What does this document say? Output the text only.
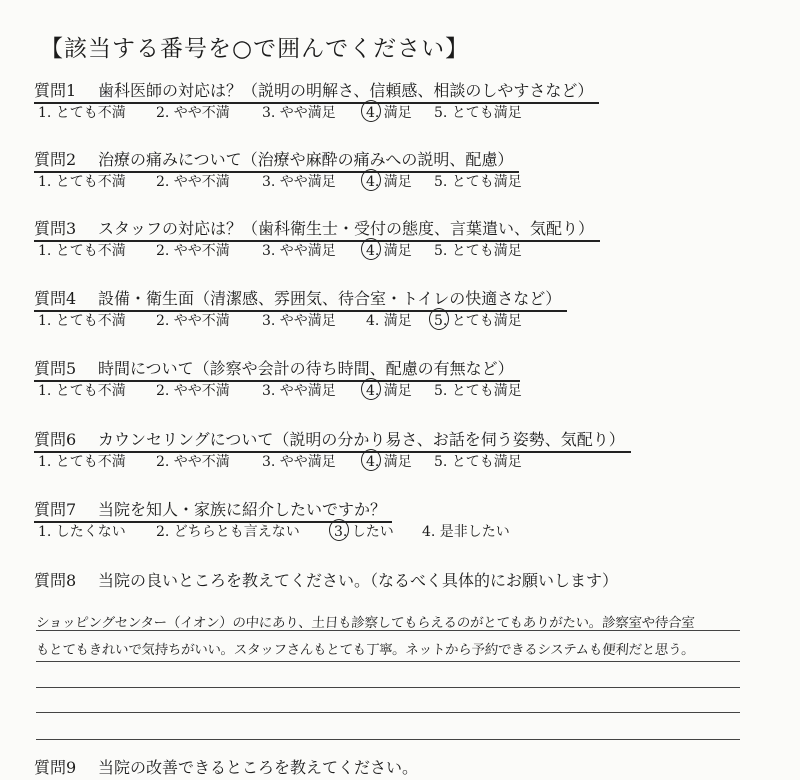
【該当する番号を○で囲んでください】
質問1 歯科医師の対応は？（説明の明解さ、信頼感、相談のしやすさなど）
1. とても不満 2. やや不満 3. やや満足 4. 満足 5. とても満足
質問2 治療の痛みについて（治療や麻酔の痛みへの説明、配慮）
1. とても不満 2. やや不満 3. やや満足 4. 満足 5. とても満足
質問3 スタッフの対応は？（歯科衛生士・受付の態度、言葉遣い、気配り）
1. とても不満 2. やや不満 3. やや満足 4. 満足 5. とても満足
質問4 設備・衛生面（清潔感、雰囲気、待合室・トイレの快適さなど）
1. とても不満 2. やや不満 3. やや満足 4. 満足 5. とても満足
質問5 時間について（診察や会計の待ち時間、配慮の有無など）
1. とても不満 2. やや不満 3. やや満足 4. 満足 5. とても満足
質問6 カウンセリングについて（説明の分かり易さ、お話を伺う姿勢、気配り）
1. とても不満 2. やや不満 3. やや満足 4. 満足 5. とても満足
質問7 当院を知人・家族に紹介したいですか？
1. したくない 2. どちらとも言えない 3. したい 4. 是非したい
質問8 当院の良いところを教えてください。（なるべく具体的にお願いします）
ショッピングセンター（イオン）の中にあり、土日も診察してもらえるのがとてもありがたい。診察室や待合室
もとてもきれいで気持ちがいい。スタッフさんもとても丁寧。ネットから予約できるシステムも便利だと思う。
質問9 当院の改善できるところを教えてください。
